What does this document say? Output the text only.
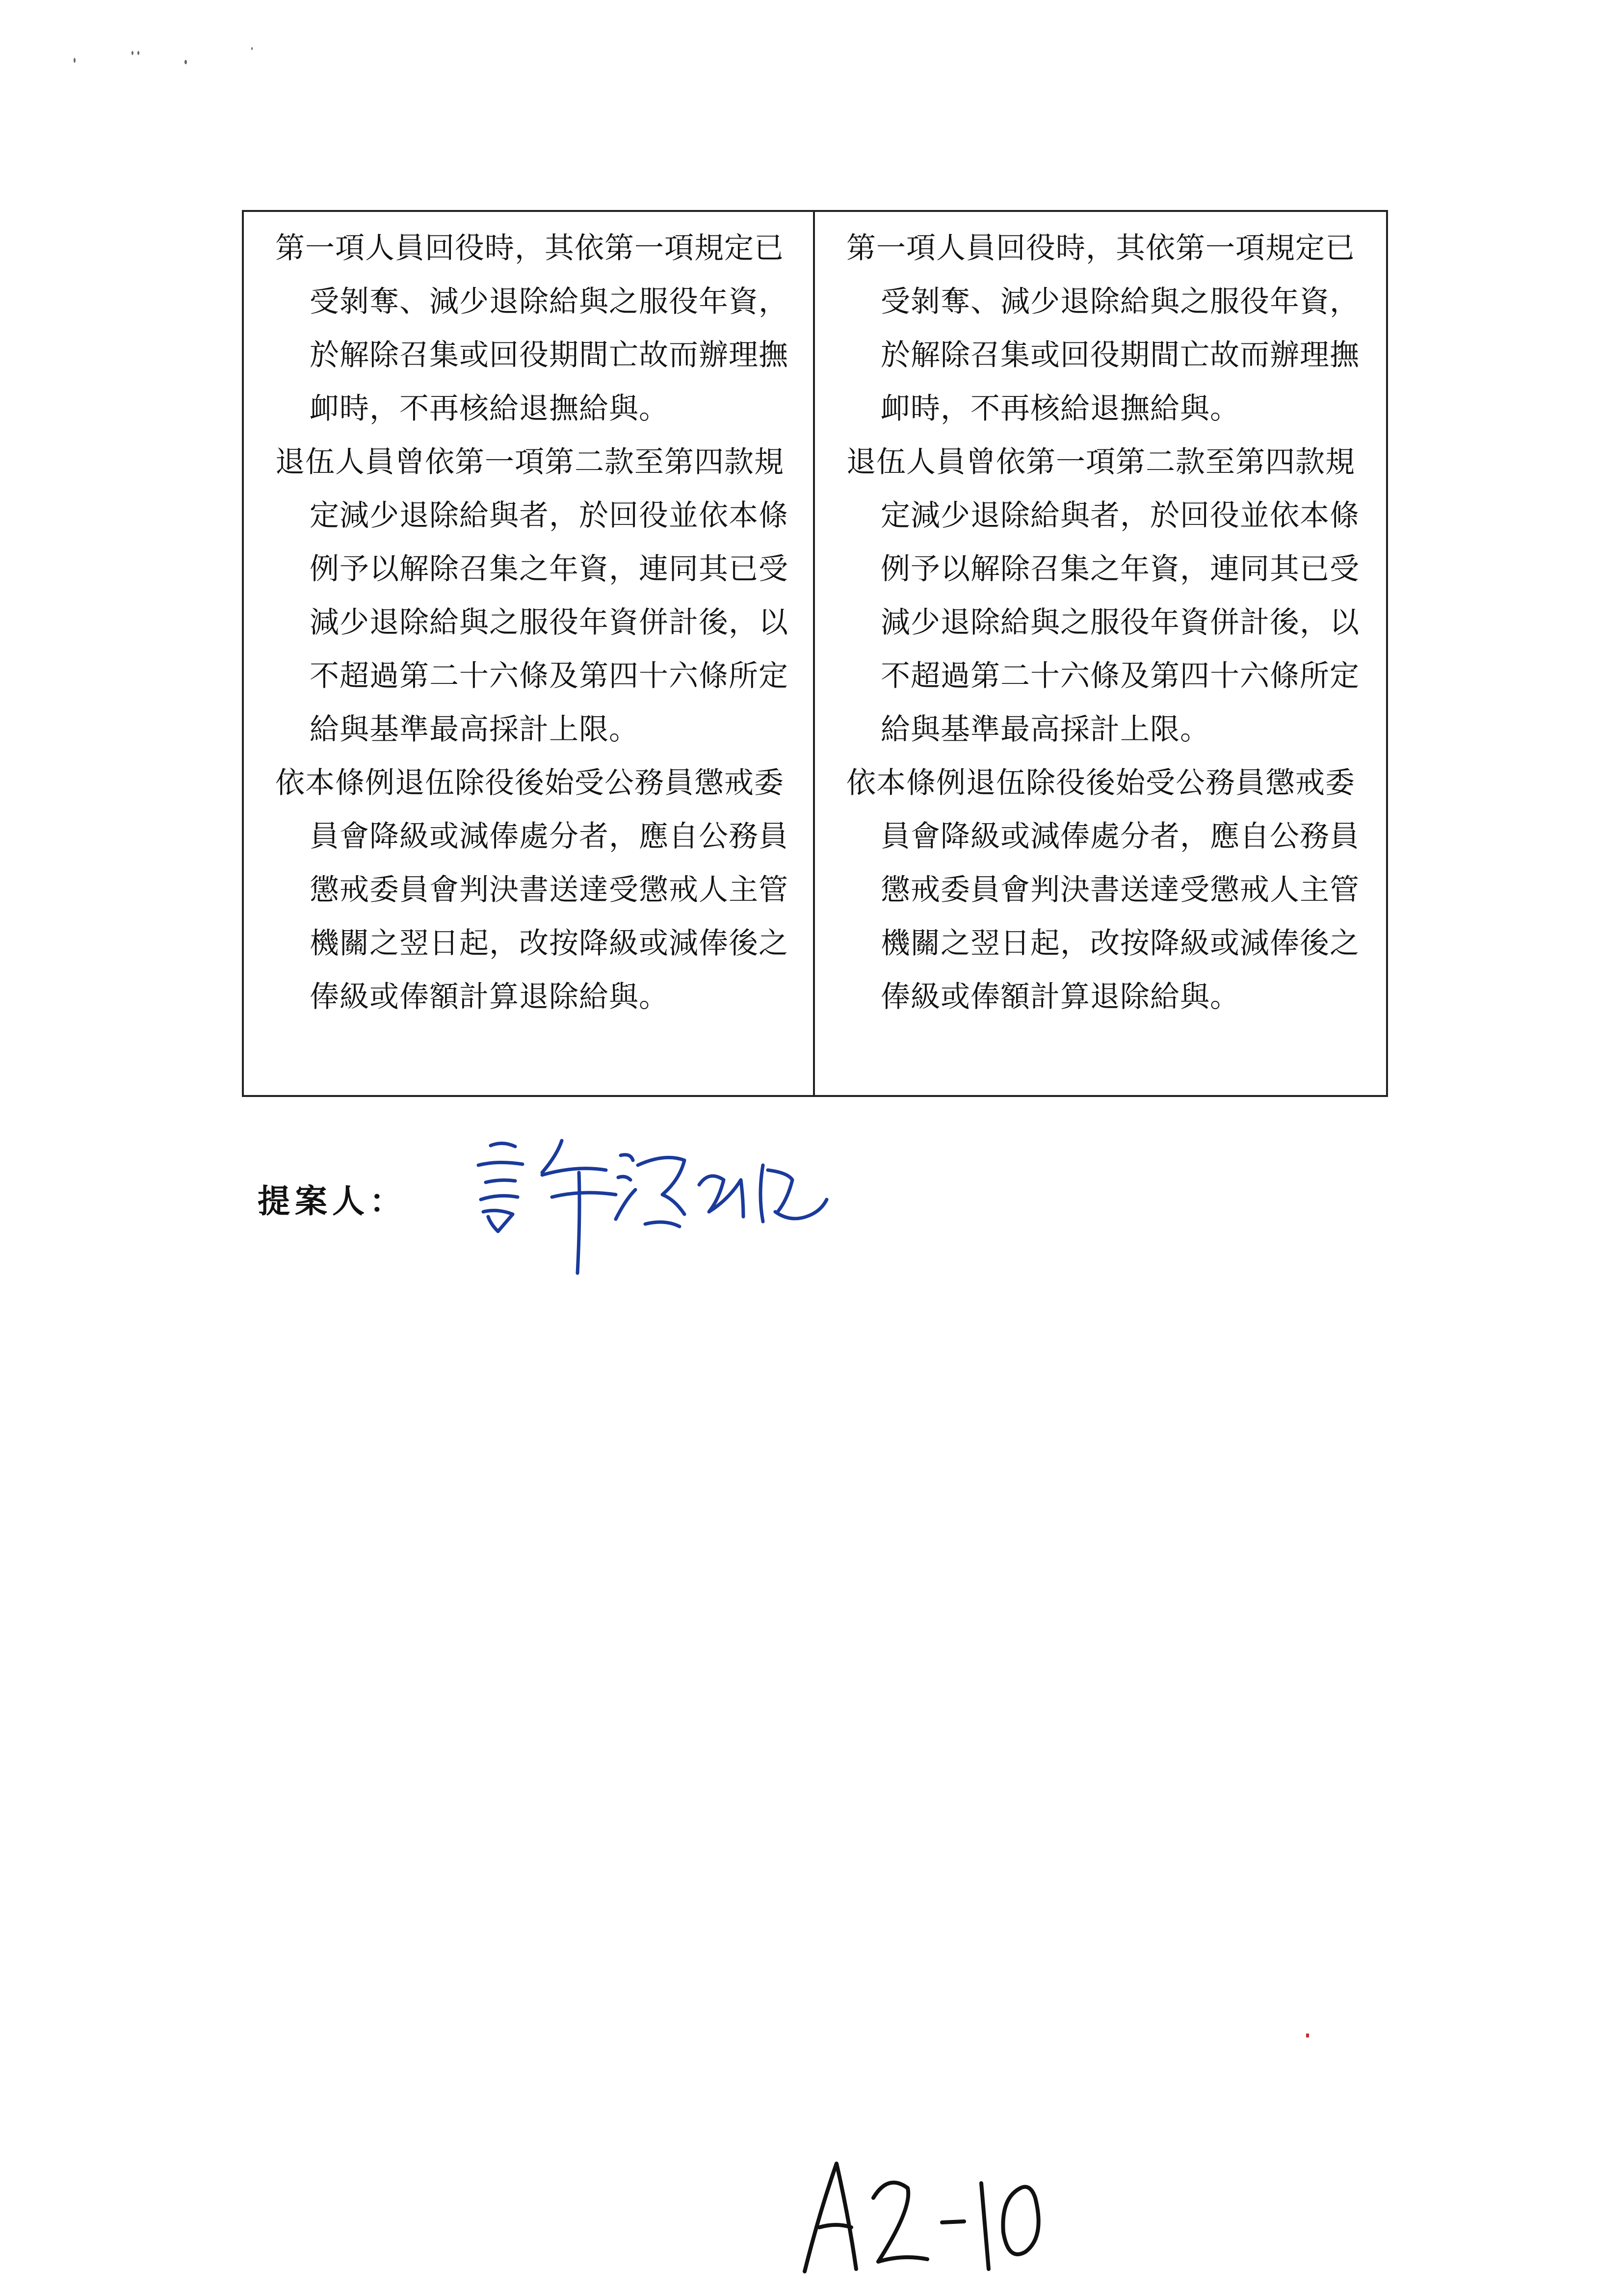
第一項人員回役時，其依第一項規定已受剝奪、減少退除給與之服役年資，於解除召集或回役期間亡故而辦理撫卹時，不再核給退撫給與。

退伍人員曾依第一項第二款至第四款規定減少退除給與者，於回役並依本條例予以解除召集之年資，連同其已受減少退除給與之服役年資併計後，以不超過第二十六條及第四十六條所定給與基準最高採計上限。

依本條例退伍除役後始受公務員懲戒委員會降級或減俸處分者，應自公務員懲戒委員會判決書送達受懲戒人主管機關之翌日起，改按降級或減俸後之俸級或俸額計算退除給與。

第一項人員回役時，其依第一項規定已受剝奪、減少退除給與之服役年資，於解除召集或回役期間亡故而辦理撫卹時，不再核給退撫給與。

退伍人員曾依第一項第二款至第四款規定減少退除給與者，於回役並依本條例予以解除召集之年資，連同其已受減少退除給與之服役年資併計後，以不超過第二十六條及第四十六條所定給與基準最高採計上限。

依本條例退伍除役後始受公務員懲戒委員會降級或減俸處分者，應自公務員懲戒委員會判決書送達受懲戒人主管機關之翌日起，改按降級或減俸後之俸級或俸額計算退除給與。

提案人：
